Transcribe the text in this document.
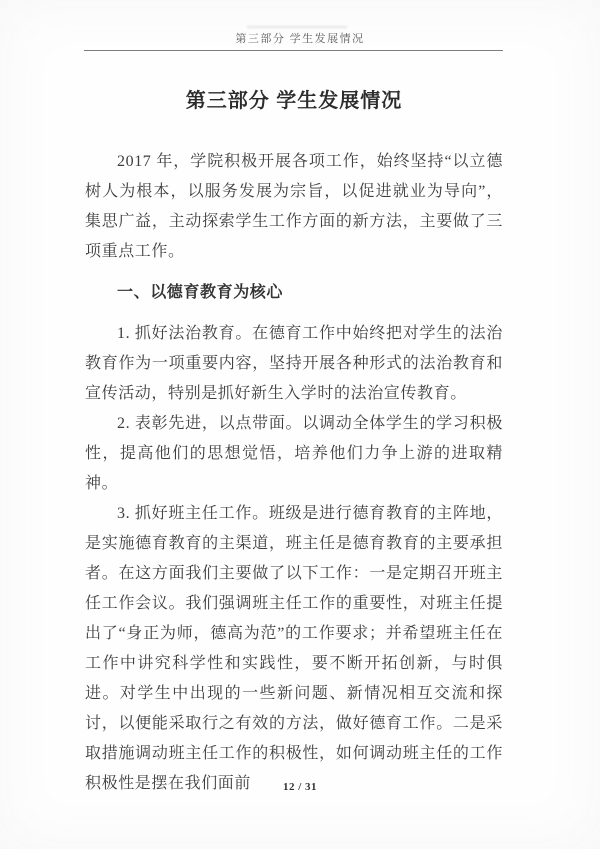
第三部分 学生发展情况
第三部分 学生发展情况

2017 年，学院积极开展各项工作，始终坚持“以立德树人为根本，以服务发展为宗旨，以促进就业为导向”，集思广益，主动探索学生工作方面的新方法，主要做了三项重点工作。

一、以德育教育为核心

1. 抓好法治教育。在德育工作中始终把对学生的法治教育作为一项重要内容，坚持开展各种形式的法治教育和宣传活动，特别是抓好新生入学时的法治宣传教育。

2. 表彰先进，以点带面。以调动全体学生的学习积极性，提高他们的思想觉悟，培养他们力争上游的进取精神。

3. 抓好班主任工作。班级是进行德育教育的主阵地，是实施德育教育的主渠道，班主任是德育教育的主要承担者。在这方面我们主要做了以下工作：一是定期召开班主任工作会议。我们强调班主任工作的重要性，对班主任提出了“身正为师，德高为范”的工作要求；并希望班主任在工作中讲究科学性和实践性，要不断开拓创新，与时俱进。对学生中出现的一些新问题、新情况相互交流和探讨，以便能采取行之有效的方法，做好德育工作。二是采取措施调动班主任工作的积极性，如何调动班主任的工作积极性是摆在我们面前	12 / 31
